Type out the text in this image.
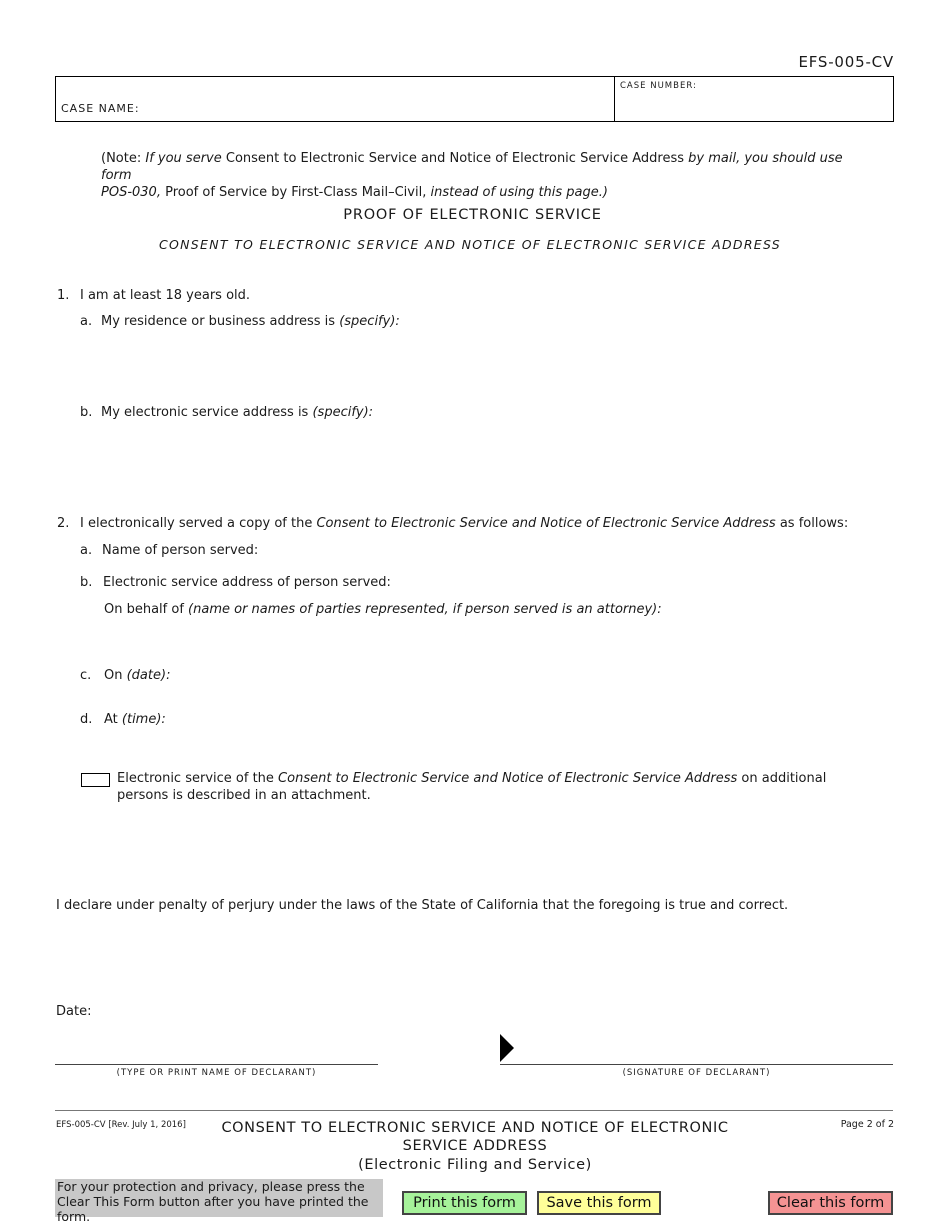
EFS-005-CV
CASE NAME:
CASE NUMBER:
(Note: If you serve Consent to Electronic Service and Notice of Electronic Service Address by mail, you should use form
POS-030, Proof of Service by First-Class Mail–Civil, instead of using this page.)
PROOF OF ELECTRONIC SERVICE
CONSENT TO ELECTRONIC SERVICE AND NOTICE OF ELECTRONIC SERVICE ADDRESS
1. I am at least 18 years old.
a. My residence or business address is (specify):
b. My electronic service address is (specify):
2. I electronically served a copy of the Consent to Electronic Service and Notice of Electronic Service Address as follows:
a. Name of person served:
b. Electronic service address of person served:
On behalf of (name or names of parties represented, if person served is an attorney):
c. On (date):
d. At (time):
Electronic service of the Consent to Electronic Service and Notice of Electronic Service Address on additional persons is described in an attachment.
I declare under penalty of perjury under the laws of the State of California that the foregoing is true and correct.
Date:
(TYPE OR PRINT NAME OF DECLARANT)	(SIGNATURE OF DECLARANT)
EFS-005-CV [Rev. July 1, 2016]	Page 2 of 2
CONSENT TO ELECTRONIC SERVICE AND NOTICE OF ELECTRONIC
SERVICE ADDRESS
(Electronic Filing and Service)
For your protection and privacy, please press the Clear This Form button after you have printed the form.
Print this form	Save this form	Clear this form
